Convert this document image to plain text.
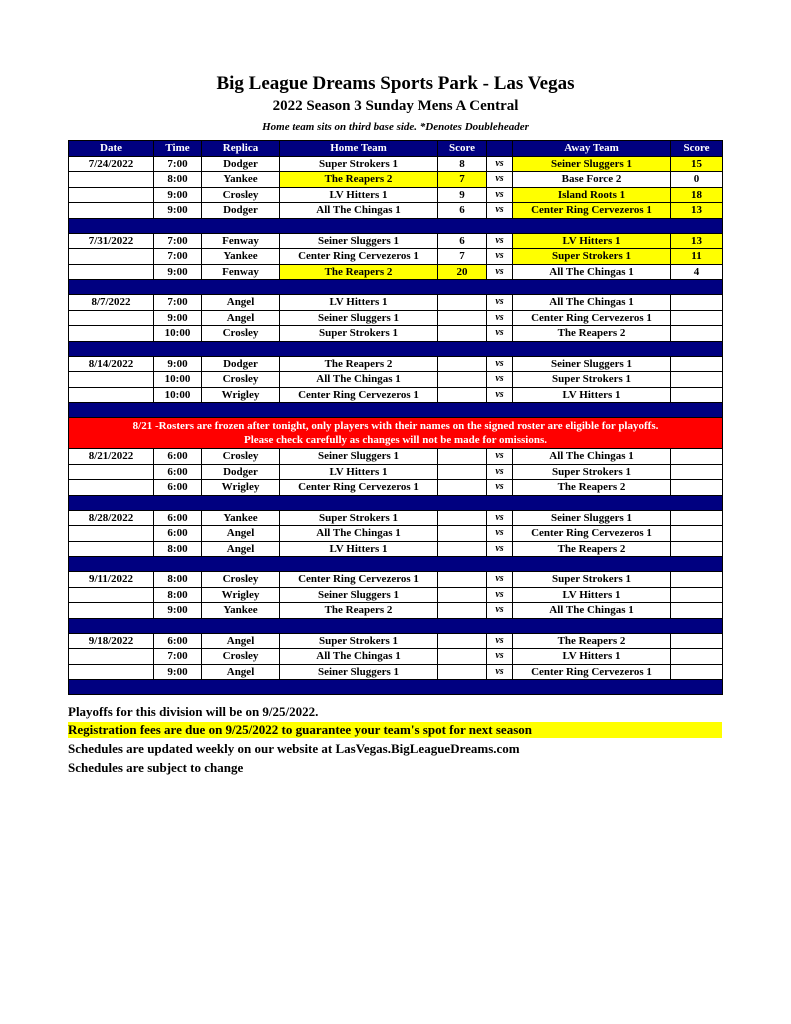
Big League Dreams Sports Park - Las Vegas
2022 Season 3 Sunday Mens A Central
Home team sits on third base side. *Denotes Doubleheader
Date	Time	Replica	Home Team	Score		Away Team	Score
7/24/2022	7:00	Dodger	Super Strokers 1	8	vs	Seiner Sluggers 1	15
	8:00	Yankee	The Reapers 2	7	vs	Base Force 2	0
	9:00	Crosley	LV Hitters 1	9	vs	Island Roots 1	18
	9:00	Dodger	All The Chingas 1	6	vs	Center Ring Cervezeros 1	13

7/31/2022	7:00	Fenway	Seiner Sluggers 1	6	vs	LV Hitters 1	13
	7:00	Yankee	Center Ring Cervezeros 1	7	vs	Super Strokers 1	11
	9:00	Fenway	The Reapers 2	20	vs	All The Chingas 1	4

8/7/2022	7:00	Angel	LV Hitters 1		vs	All The Chingas 1	
	9:00	Angel	Seiner Sluggers 1		vs	Center Ring Cervezeros 1	
	10:00	Crosley	Super Strokers 1		vs	The Reapers 2	

8/14/2022	9:00	Dodger	The Reapers 2		vs	Seiner Sluggers 1	
	10:00	Crosley	All The Chingas 1		vs	Super Strokers 1	
	10:00	Wrigley	Center Ring Cervezeros 1		vs	LV Hitters 1	

8/21 -Rosters are frozen after tonight, only players with their names on the signed roster are eligible for playoffs.
Please check carefully as changes will not be made for omissions.							

8/21/2022	6:00	Crosley	Seiner Sluggers 1		vs	All The Chingas 1	
	6:00	Dodger	LV Hitters 1		vs	Super Strokers 1	
	6:00	Wrigley	Center Ring Cervezeros 1		vs	The Reapers 2	

8/28/2022	6:00	Yankee	Super Strokers 1		vs	Seiner Sluggers 1	
	6:00	Angel	All The Chingas 1		vs	Center Ring Cervezeros 1	
	8:00	Angel	LV Hitters 1		vs	The Reapers 2	

9/11/2022	8:00	Crosley	Center Ring Cervezeros 1		vs	Super Strokers 1	
	8:00	Wrigley	Seiner Sluggers 1		vs	LV Hitters 1	
	9:00	Yankee	The Reapers 2		vs	All The Chingas 1	

9/18/2022	6:00	Angel	Super Strokers 1		vs	The Reapers 2	
	7:00	Crosley	All The Chingas 1		vs	LV Hitters 1	
	9:00	Angel	Seiner Sluggers 1		vs	Center Ring Cervezeros 1	

Playoffs for this division will be on 9/25/2022.
Registration fees are due on 9/25/2022 to guarantee your team's spot for next season
Schedules are updated weekly on our website at LasVegas.BigLeagueDreams.com
Schedules are subject to change
